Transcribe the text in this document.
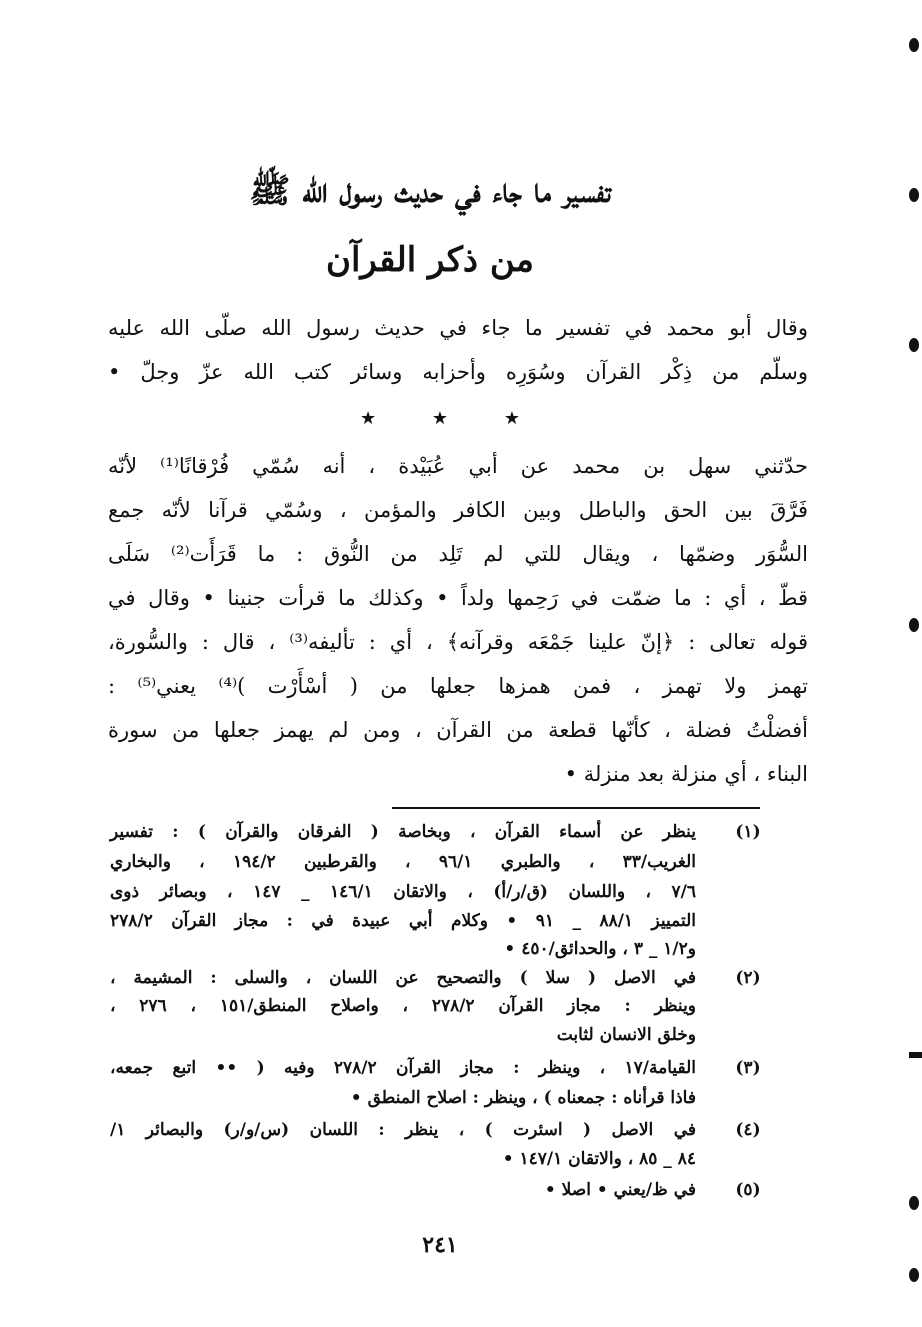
تفسير ما جاء في حديث رسول الله ﷺ
من ذكر القرآن
وقال أبو محمد في تفسير ما جاء في حديث رسول الله صلّى الله عليه
وسلّم من ذِكْر القرآن وسُوَرِه وأحزابه وسائر كتب الله عزّ وجلّ •
★	★	★
حدّثني سهل بن محمد عن أبي عُبَيْدة ، أنه سُمّي فُرْقانًا⁽¹⁾ لأنّه
فَرَّقَ بين الحق والباطل وبين الكافر والمؤمن ، وسُمّي قرآنا لأنّه جمع
السُّوَر وضمّها ، ويقال للتي لم تَلِد من النُّوق : ما قَرَأَت⁽²⁾ سَلَى
قطّ ، أي : ما ضمّت في رَحِمها ولداً • وكذلك ما قرأت جنينا • وقال في
قوله تعالى : ﴿إنّ علينا جَمْعَه وقرآنه﴾ ، أي : تأليفه⁽³⁾ ، قال : والسُّورة،
تهمز ولا تهمز ، فمن همزها جعلها من ( أسْأَرْت )⁽⁴⁾ يعني⁽⁵⁾ :
أفضلْتُ فضلة ، كأنّها قطعة من القرآن ، ومن لم يهمز جعلها من سورة
البناء ، أي منزلة بعد منزلة •
(١)
ينظر عن أسماء القرآن ، وبخاصة ( الفرقان والقرآن ) : تفسير
الغريب/٣٣ ، والطبري ٩٦/١ ، والقرطبين ١٩٤/٢ ، والبخاري
٧/٦ ، واللسان (ق/ر/أ) ، والاتقان ١٤٦/١ _ ١٤٧ ، وبصائر ذوى
التمييز ٨٨/١ _ ٩١ • وكلام أبي عبيدة في : مجاز القرآن ٢٧٨/٢
و١/٢ _ ٣ ، والحدائق/٤٥٠ •
(٢)
في الاصل ( سلا ) والتصحيح عن اللسان ، والسلى : المشيمة ،
وينظر : مجاز القرآن ٢٧٨/٢ ، واصلاح المنطق/١٥١ ، ٢٧٦ ،
وخلق الانسان لثابت
(٣)
القيامة/١٧ ، وينظر : مجاز القرآن ٢٧٨/٢ وفيه ( •• اتبع جمعه،
فاذا قرأناه : جمعناه ) ، وينظر : اصلاح المنطق •
(٤)
في الاصل ( اسئرت ) ، ينظر : اللسان (س/و/ر) والبصائر ١/
٨٤ _ ٨٥ ، والاتقان ١٤٧/١ •
(٥)
في ظ/يعني • اصلا •
٢٤١
